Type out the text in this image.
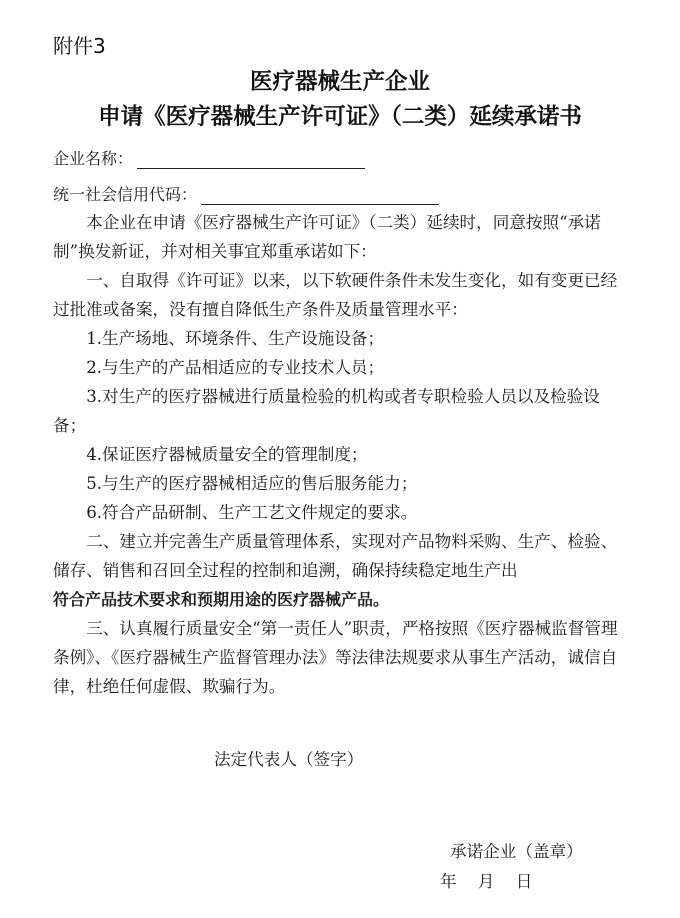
附件3
医疗器械生产企业
申请《医疗器械生产许可证》（二类）延续承诺书
企业名称：
统一社会信用代码：

本企业在申请《医疗器械生产许可证》（二类）延续时，同意按照“承诺制”换发新证，并对相关事宜郑重承诺如下：

一、自取得《许可证》以来，以下软硬件条件未发生变化，如有变更已经过批准或备案，没有擅自降低生产条件及质量管理水平：

1.生产场地、环境条件、生产设施设备；

2.与生产的产品相适应的专业技术人员；

3.对生产的医疗器械进行质量检验的机构或者专职检验人员以及检验设备；

4.保证医疗器械质量安全的管理制度；

5.与生产的医疗器械相适应的售后服务能力；

6.符合产品研制、生产工艺文件规定的要求。

二、建立并完善生产质量管理体系，实现对产品物料采购、生产、检验、储存、销售和召回全过程的控制和追溯，确保持续稳定地生产出

符合产品技术要求和预期用途的医疗器械产品。

三、认真履行质量安全“第一责任人”职责，严格按照《医疗器械监督管理条例》、《医疗器械生产监督管理办法》等法律法规要求从事生产活动，诚信自律，杜绝任何虚假、欺骗行为。

法定代表人（签字）
承诺企业（盖章）
年 月 日
